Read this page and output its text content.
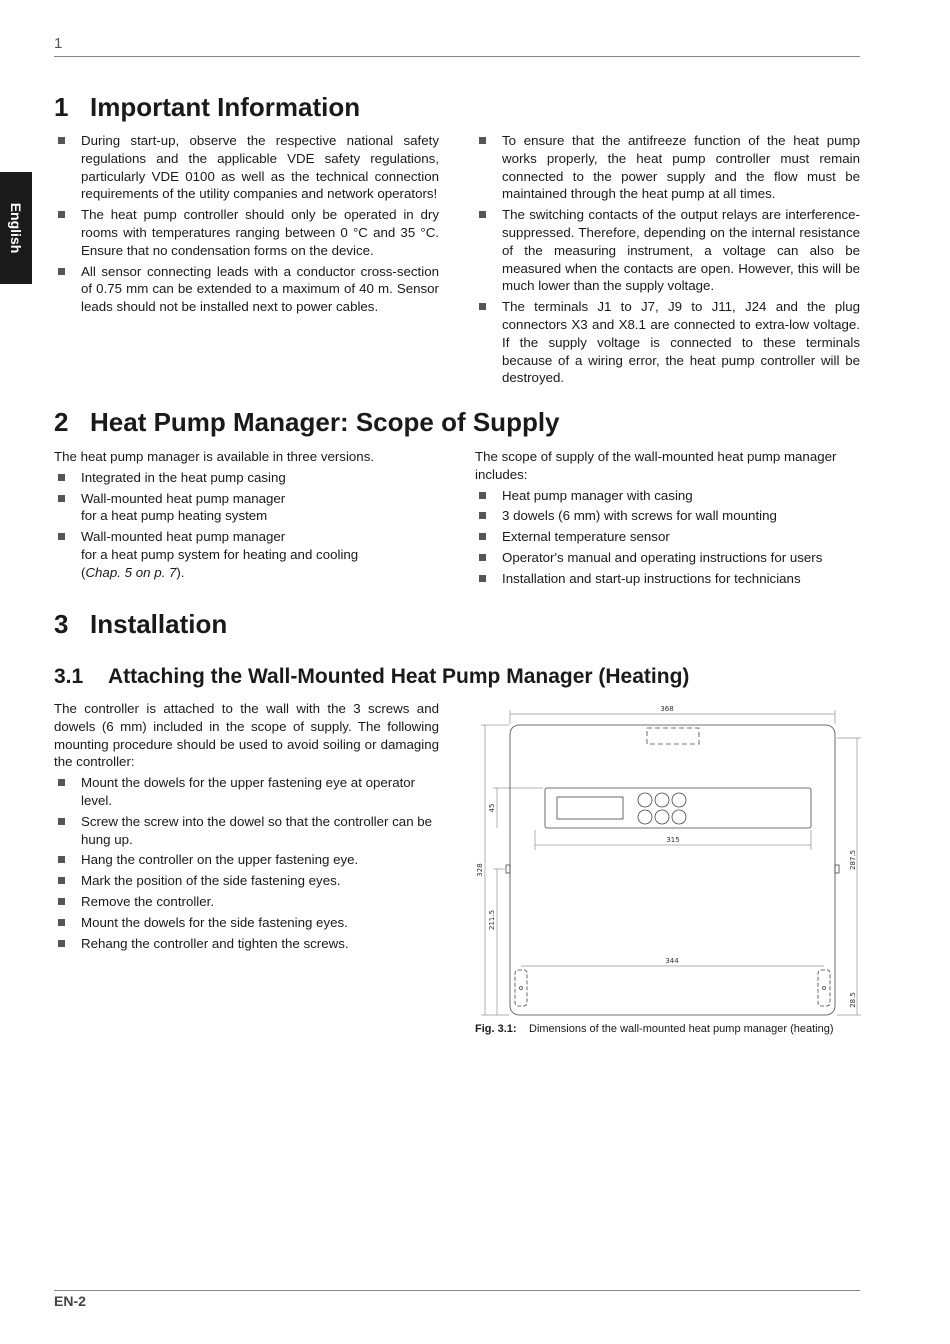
1
English
1 Important Information
During start-up, observe the respective national safety regulations and the applicable VDE safety regulations, particularly VDE 0100 as well as the technical connection requirements of the utility companies and network operators!
The heat pump controller should only be operated in dry rooms with temperatures ranging between 0 °C and 35 °C. Ensure that no condensation forms on the device.
All sensor connecting leads with a conductor cross-section of 0.75 mm can be extended to a maximum of 40 m. Sensor leads should not be installed next to power cables.
To ensure that the antifreeze function of the heat pump works properly, the heat pump controller must remain connected to the power supply and the flow must be maintained through the heat pump at all times.
The switching contacts of the output relays are interference-suppressed. Therefore, depending on the internal resistance of the measuring instrument, a voltage can also be measured when the contacts are open. However, this will be much lower than the supply voltage.
The terminals J1 to J7, J9 to J11, J24 and the plug connectors X3 and X8.1 are connected to extra-low voltage. If the supply voltage is connected to these terminals because of a wiring error, the heat pump controller will be destroyed.
2 Heat Pump Manager: Scope of Supply

The heat pump manager is available in three versions.

Integrated in the heat pump casing
Wall-mounted heat pump manager
for a heat pump heating system
Wall-mounted heat pump manager
for a heat pump system for heating and cooling
(Chap. 5 on p. 7).

The scope of supply of the wall-mounted heat pump manager includes:

Heat pump manager with casing
3 dowels (6 mm) with screws for wall mounting
External temperature sensor
Operator's manual and operating instructions for users
Installation and start-up instructions for technicians
3 Installation
3.1 Attaching the Wall-Mounted Heat Pump Manager (Heating)

The controller is attached to the wall with the 3 screws and dowels (6 mm) included in the scope of supply. The following mounting procedure should be used to avoid soiling or damaging the controller:

Mount the dowels for the upper fastening eye at operator level.
Screw the screw into the dowel so that the controller can be hung up.
Hang the controller on the upper fastening eye.
Mark the position of the side fastening eyes.
Remove the controller.
Mount the dowels for the side fastening eyes.
Rehang the controller and tighten the screws.
368
315
344
328
45
211.5
287.5
28.5
Fig. 3.1: Dimensions of the wall-mounted heat pump manager (heating)
EN-2
